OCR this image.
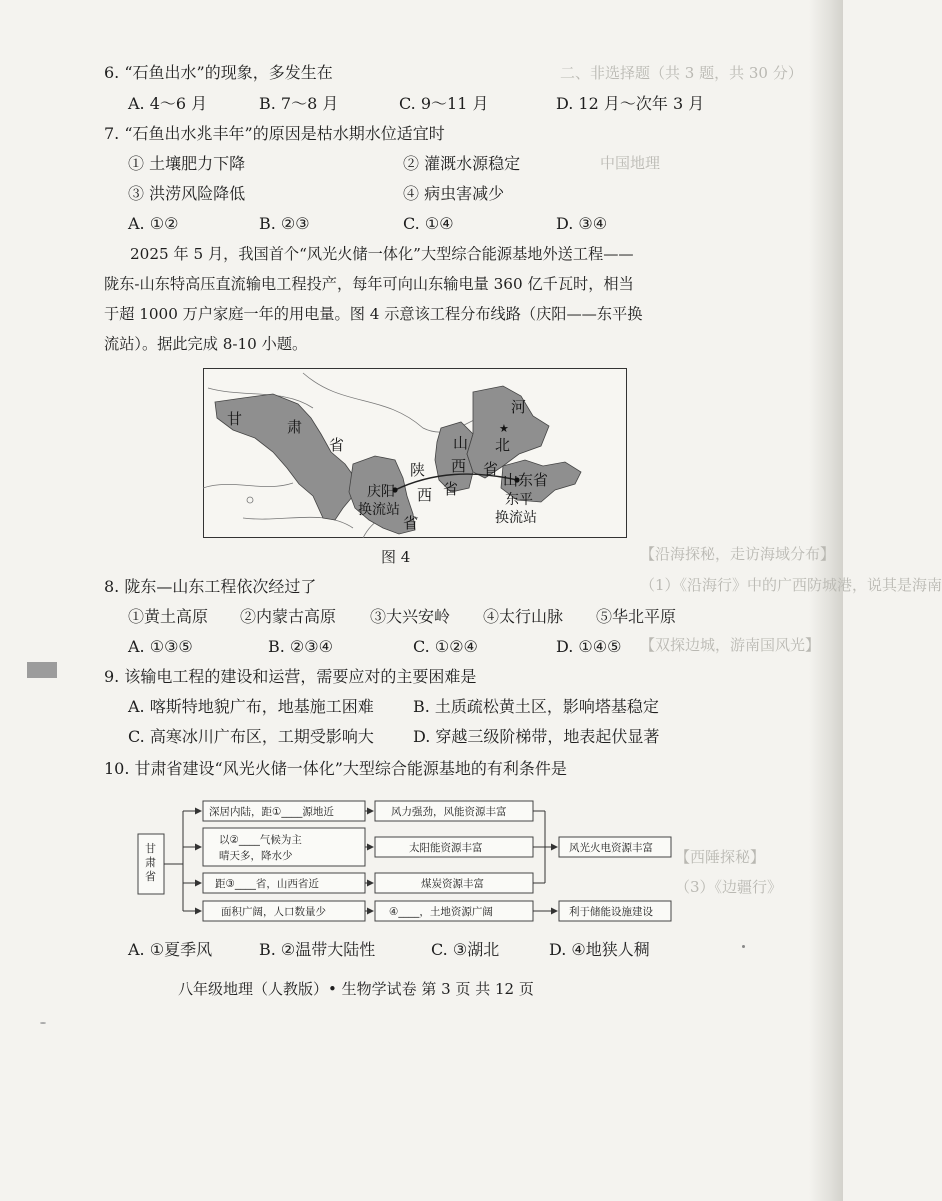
二、非选择题（共 3 题，共 30 分）
中国地理
【沿海探秘，走访海域分布】
（1）《沿海行》中的广西防城港，说其是海南
【双探边城，游南国风光】
【西陲探秘】
（3）《边疆行》
6. “石鱼出水”的现象，多发生在
A. 4～6 月	B. 7～8 月	C. 9～11 月	D. 12 月～次年 3 月
7. “石鱼出水兆丰年”的原因是枯水期水位适宜时
① 土壤肥力下降	② 灌溉水源稳定
③ 洪涝风险降低	④ 病虫害减少
A. ①②	B. ②③	C. ①④	D. ③④
2025 年 5 月，我国首个“风光火储一体化”大型综合能源基地外送工程——
陇东-山东特高压直流输电工程投产，每年可向山东输电量 360 亿千瓦时，相当
于超 1000 万户家庭一年的用电量。图 4 示意该工程分布线路（庆阳——东平换
流站）。据此完成 8-10 小题。
甘	肃
省
陕
西
省
山
西
省
河
北
省
山东省
★
庆阳
换流站
东平
换流站
图 4
8. 陇东—山东工程依次经过了
①黄土高原 ②内蒙古高原 ③大兴安岭 ④太行山脉 ⑤华北平原
A. ①③⑤	B. ②③④	C. ①②④	D. ①④⑤
9. 该输电工程的建设和运营，需要应对的主要困难是
A. 喀斯特地貌广布，地基施工困难 B. 土质疏松黄土区，影响塔基稳定
C. 高寒冰川广布区，工期受影响大 D. 穿越三级阶梯带，地表起伏显著
10. 甘肃省建设“风光火储一体化”大型综合能源基地的有利条件是
甘肃省
深居内陆，距①____源地近
以②____气候为主
晴天多，降水少
距③____省，山西省近
面积广阔，人口数量少
风力强劲，风能资源丰富
太阳能资源丰富
煤炭资源丰富
④____，土地资源广阔
风光火电资源丰富
利于储能设施建设
A. ①夏季风	B. ②温带大陆性	C. ③湖北	D. ④地狭人稠
八年级地理（人教版）• 生物学试卷 第 3 页 共 12 页
